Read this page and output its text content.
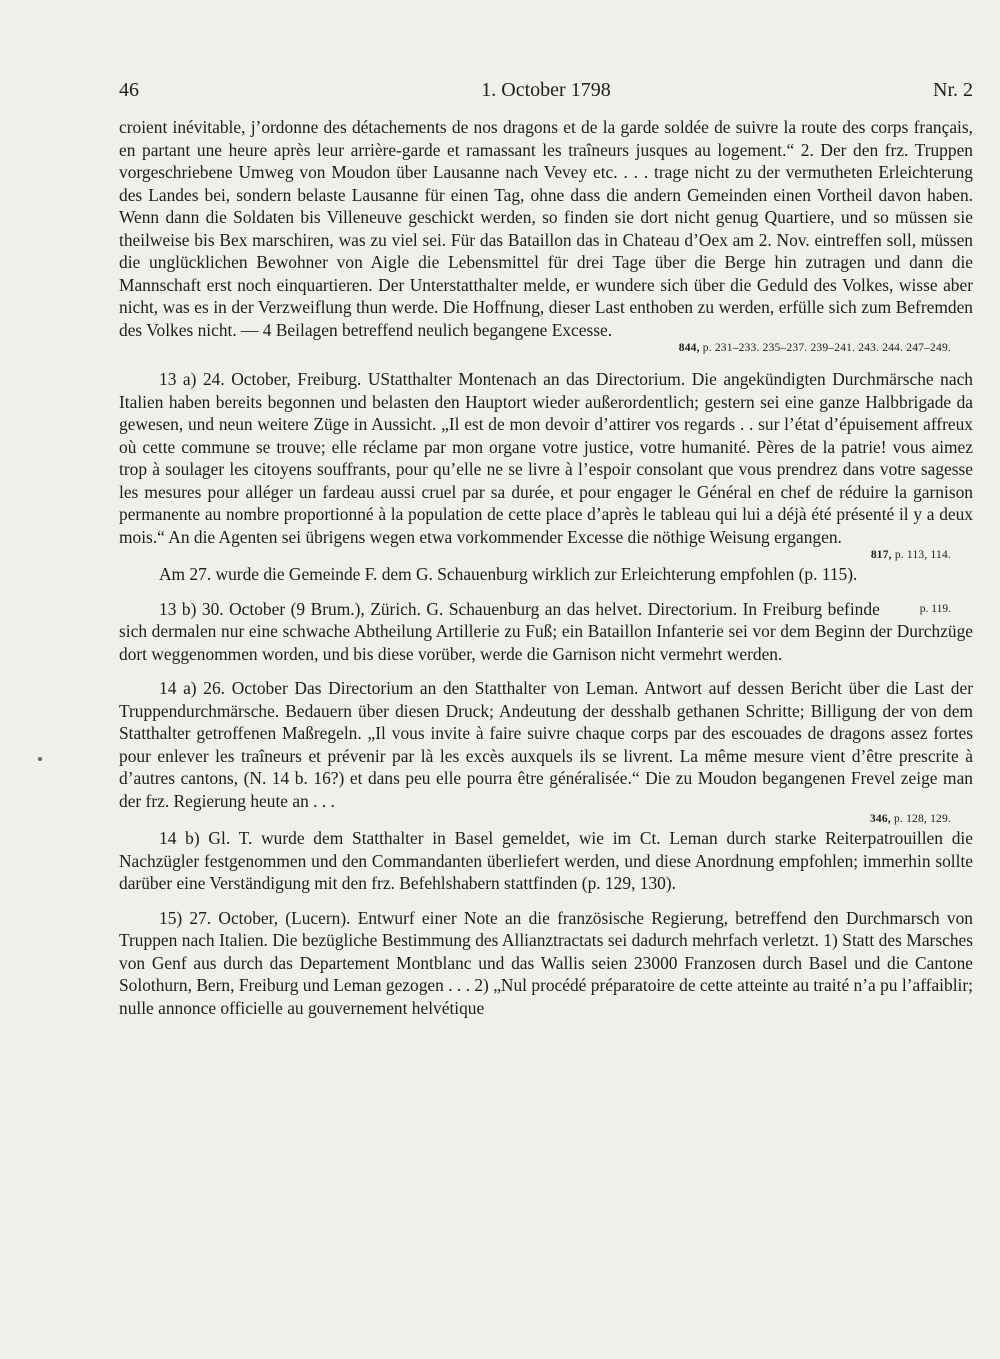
46	1. October 1798	Nr. 2

croient inévitable, j’ordonne des détachements de nos dragons et de la garde soldée de suivre la route des corps français, en partant une heure après leur arrière-garde et ramassant les traîneurs jusques au logement.“ 2. Der den frz. Truppen vorgeschriebene Umweg von Moudon über Lausanne nach Vevey etc. . . . trage nicht zu der vermutheten Erleichterung des Landes bei, sondern belaste Lausanne für einen Tag, ohne dass die andern Gemeinden einen Vortheil davon haben. Wenn dann die Soldaten bis Villeneuve geschickt werden, so finden sie dort nicht genug Quartiere, und so müssen sie theilweise bis Bex marschiren, was zu viel sei. Für das Bataillon das in Chateau d’Oex am 2. Nov. eintreffen soll, müssen die unglücklichen Bewohner von Aigle die Lebensmittel für drei Tage über die Berge hin zutragen und dann die Mannschaft erst noch einquartieren. Der Unterstatthalter melde, er wundere sich über die Geduld des Volkes, wisse aber nicht, was es in der Verzweiflung thun werde. Die Hoffnung, dieser Last enthoben zu werden, erfülle sich zum Befremden des Volkes nicht. — 4 Beilagen betreffend neulich begangene Excesse.

844, p. 231–233. 235–237. 239–241. 243. 244. 247–249.

13 a) 24. October, Freiburg. UStatthalter Montenach an das Directorium. Die angekündigten Durchmärsche nach Italien haben bereits begonnen und belasten den Hauptort wieder außerordentlich; gestern sei eine ganze Halbbrigade da gewesen, und neun weitere Züge in Aussicht. „Il est de mon devoir d’attirer vos regards . . sur l’état d’épuisement affreux où cette commune se trouve; elle réclame par mon organe votre justice, votre humanité. Pères de la patrie! vous aimez trop à soulager les citoyens souffrants, pour qu’elle ne se livre à l’espoir consolant que vous prendrez dans votre sagesse les mesures pour alléger un fardeau aussi cruel par sa durée, et pour engager le Général en chef de réduire la garnison permanente au nombre proportionné à la population de cette place d’après le tableau qui lui a déjà été présenté il y a deux mois.“ An die Agenten sei übrigens wegen etwa vorkommender Excesse die nöthige Weisung ergangen.

817, p. 113, 114.

Am 27. wurde die Gemeinde F. dem G. Schauenburg wirklich zur Erleichterung empfohlen (p. 115).

p. 119.
13 b) 30. October (9 Brum.), Zürich. G. Schauenburg an das helvet. Directorium. In Freiburg befinde sich dermalen nur eine schwache Abtheilung Artillerie zu Fuß; ein Bataillon Infanterie sei vor dem Beginn der Durchzüge dort weggenommen worden, und bis diese vorüber, werde die Garnison nicht vermehrt werden.

14 a) 26. October Das Directorium an den Statthalter von Leman. Antwort auf dessen Bericht über die Last der Truppendurchmärsche. Bedauern über diesen Druck; Andeutung der desshalb gethanen Schritte; Billigung der von dem Statthalter getroffenen Maßregeln. „Il vous invite à faire suivre chaque corps par des escouades de dragons assez fortes pour enlever les traîneurs et prévenir par là les excès auxquels ils se livrent. La même mesure vient d’être prescrite à d’autres cantons, (N. 14 b. 16?) et dans peu elle pourra être généralisée.“ Die zu Moudon begangenen Frevel zeige man der frz. Regierung heute an . . .

346, p. 128, 129.

14 b) Gl. T. wurde dem Statthalter in Basel gemeldet, wie im Ct. Leman durch starke Reiterpatrouillen die Nachzügler festgenommen und den Commandanten überliefert werden, und diese Anordnung empfohlen; immerhin sollte darüber eine Verständigung mit den frz. Befehlshabern stattfinden (p. 129, 130).

15) 27. October, (Lucern). Entwurf einer Note an die französische Regierung, betreffend den Durchmarsch von Truppen nach Italien. Die bezügliche Bestimmung des Allianztractats sei dadurch mehrfach verletzt. 1) Statt des Marsches von Genf aus durch das Departement Montblanc und das Wallis seien 23000 Franzosen durch Basel und die Cantone Solothurn, Bern, Freiburg und Leman gezogen . . . 2) „Nul procédé préparatoire de cette atteinte au traité n’a pu l’affaiblir; nulle annonce officielle au gouvernement helvétique
